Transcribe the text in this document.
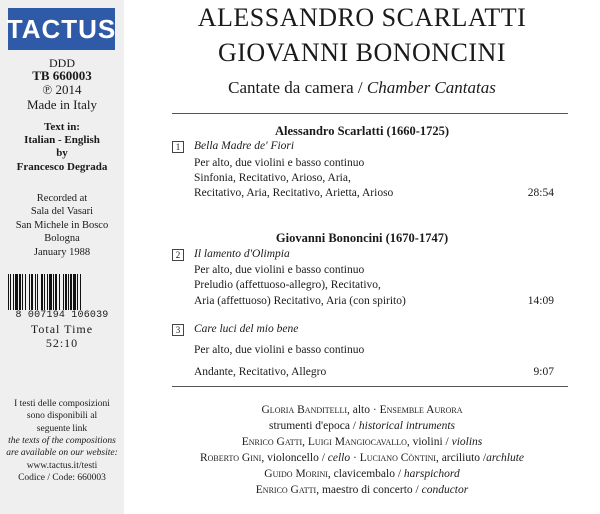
TACTUS
DDD
TB 660003
℗ 2014
Made in Italy
Text in:
Italian - English
by
Francesco Degrada
Recorded at
Sala del Vasari
San Michele in Bosco
Bologna
January 1988
8 007194 106039
Total Time
52:10
I testi delle composizioni
sono disponibili al
seguente link
the texts of the compositions
are available on our website:
www.tactus.it/testi
Codice / Code: 660003
ALESSANDRO SCARLATTI
GIOVANNI BONONCINI
Cantate da camera / Chamber Cantatas
Alessandro Scarlatti (1660-1725)
1	Bella Madre de' Fiori
Per alto, due violini e basso continuo
Sinfonia, Recitativo, Arioso, Aria,
Recitativo, Aria, Recitativo, Arietta, Arioso	28:54
Giovanni Bononcini (1670-1747)
2	Il lamento d'Olimpia
Per alto, due violini e basso continuo
Preludio (affettuoso-allegro), Recitativo,
Aria (affettuoso) Recitativo, Aria (con spirito)	14:09
3	Care luci del mio bene
Per alto, due violini e basso continuo
Andante, Recitativo, Allegro	9:07
Gloria Banditelli, alto · Ensemble Aurora
strumenti d'epoca / historical intruments
Enrico Gatti, Luigi Mangiocavallo, violini / violins
Roberto Gini, violoncello / cello · Luciano Còntini, arciliuto /archlute
Guido Morini, clavicembalo / harspichord
Enrico Gatti, maestro di concerto / conductor
